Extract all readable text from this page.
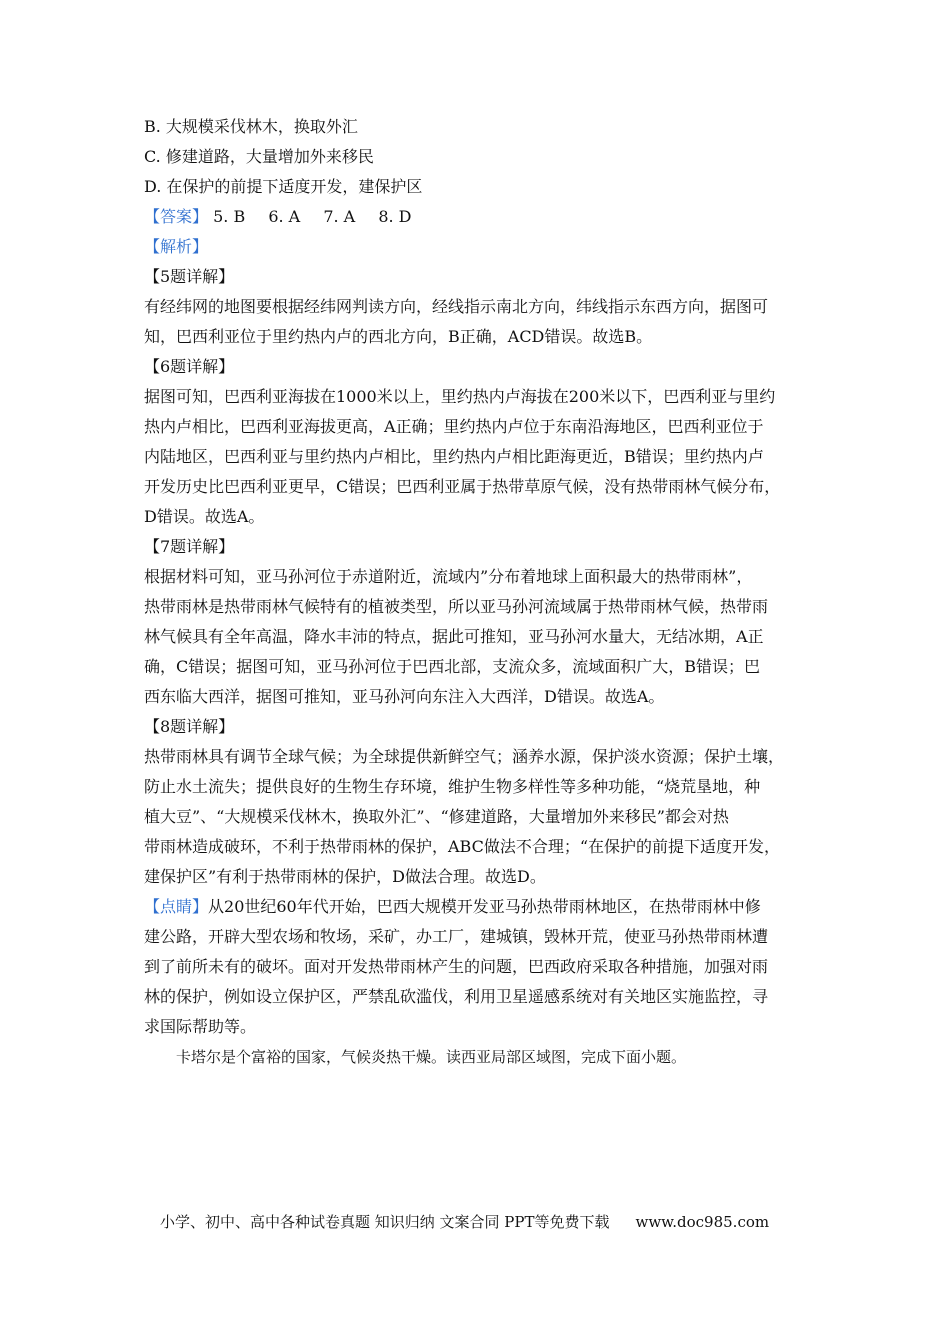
B. 大规模采伐林木，换取外汇
C. 修建道路，大量增加外来移民
D. 在保护的前提下适度开发，建保护区
【答案】 5. B 6. A 7. A 8. D
【解析】
【5题详解】
有经纬网的地图要根据经纬网判读方向，经线指示南北方向，纬线指示东西方向，据图可
知，巴西利亚位于里约热内卢的西北方向，B正确，ACD错误。故选B。
【6题详解】
据图可知，巴西利亚海拔在1000米以上，里约热内卢海拔在200米以下，巴西利亚与里约
热内卢相比，巴西利亚海拔更高，A正确；里约热内卢位于东南沿海地区，巴西利亚位于
内陆地区，巴西利亚与里约热内卢相比，里约热内卢相比距海更近，B错误；里约热内卢
开发历史比巴西利亚更早，C错误；巴西利亚属于热带草原气候，没有热带雨林气候分布，
D错误。故选A。
【7题详解】
根据材料可知，亚马孙河位于赤道附近，流域内”分布着地球上面积最大的热带雨林”，
热带雨林是热带雨林气候特有的植被类型，所以亚马孙河流域属于热带雨林气候，热带雨
林气候具有全年高温，降水丰沛的特点，据此可推知，亚马孙河水量大，无结冰期，A正
确，C错误；据图可知，亚马孙河位于巴西北部，支流众多，流域面积广大，B错误；巴
西东临大西洋，据图可推知，亚马孙河向东注入大西洋，D错误。故选A。
【8题详解】
热带雨林具有调节全球气候；为全球提供新鲜空气；涵养水源，保护淡水资源；保护土壤，
防止水土流失；提供良好的生物生存环境，维护生物多样性等多种功能，“烧荒垦地，种
植大豆”、“大规模采伐林木，换取外汇”、“修建道路，大量增加外来移民”都会对热
带雨林造成破环，不利于热带雨林的保护，ABC做法不合理；“在保护的前提下适度开发，
建保护区”有利于热带雨林的保护，D做法合理。故选D。
【点睛】从20世纪60年代开始，巴西大规模开发亚马孙热带雨林地区，在热带雨林中修
建公路，开辟大型农场和牧场，采矿，办工厂，建城镇，毁林开荒，使亚马孙热带雨林遭
到了前所未有的破坏。面对开发热带雨林产生的问题，巴西政府采取各种措施，加强对雨
林的保护，例如设立保护区，严禁乱砍滥伐，利用卫星遥感系统对有关地区实施监控，寻
求国际帮助等。
卡塔尔是个富裕的国家，气候炎热干燥。读西亚局部区域图，完成下面小题。
小学、初中、高中各种试卷真题 知识归纳 文案合同 PPT等免费下载 www.doc985.com
